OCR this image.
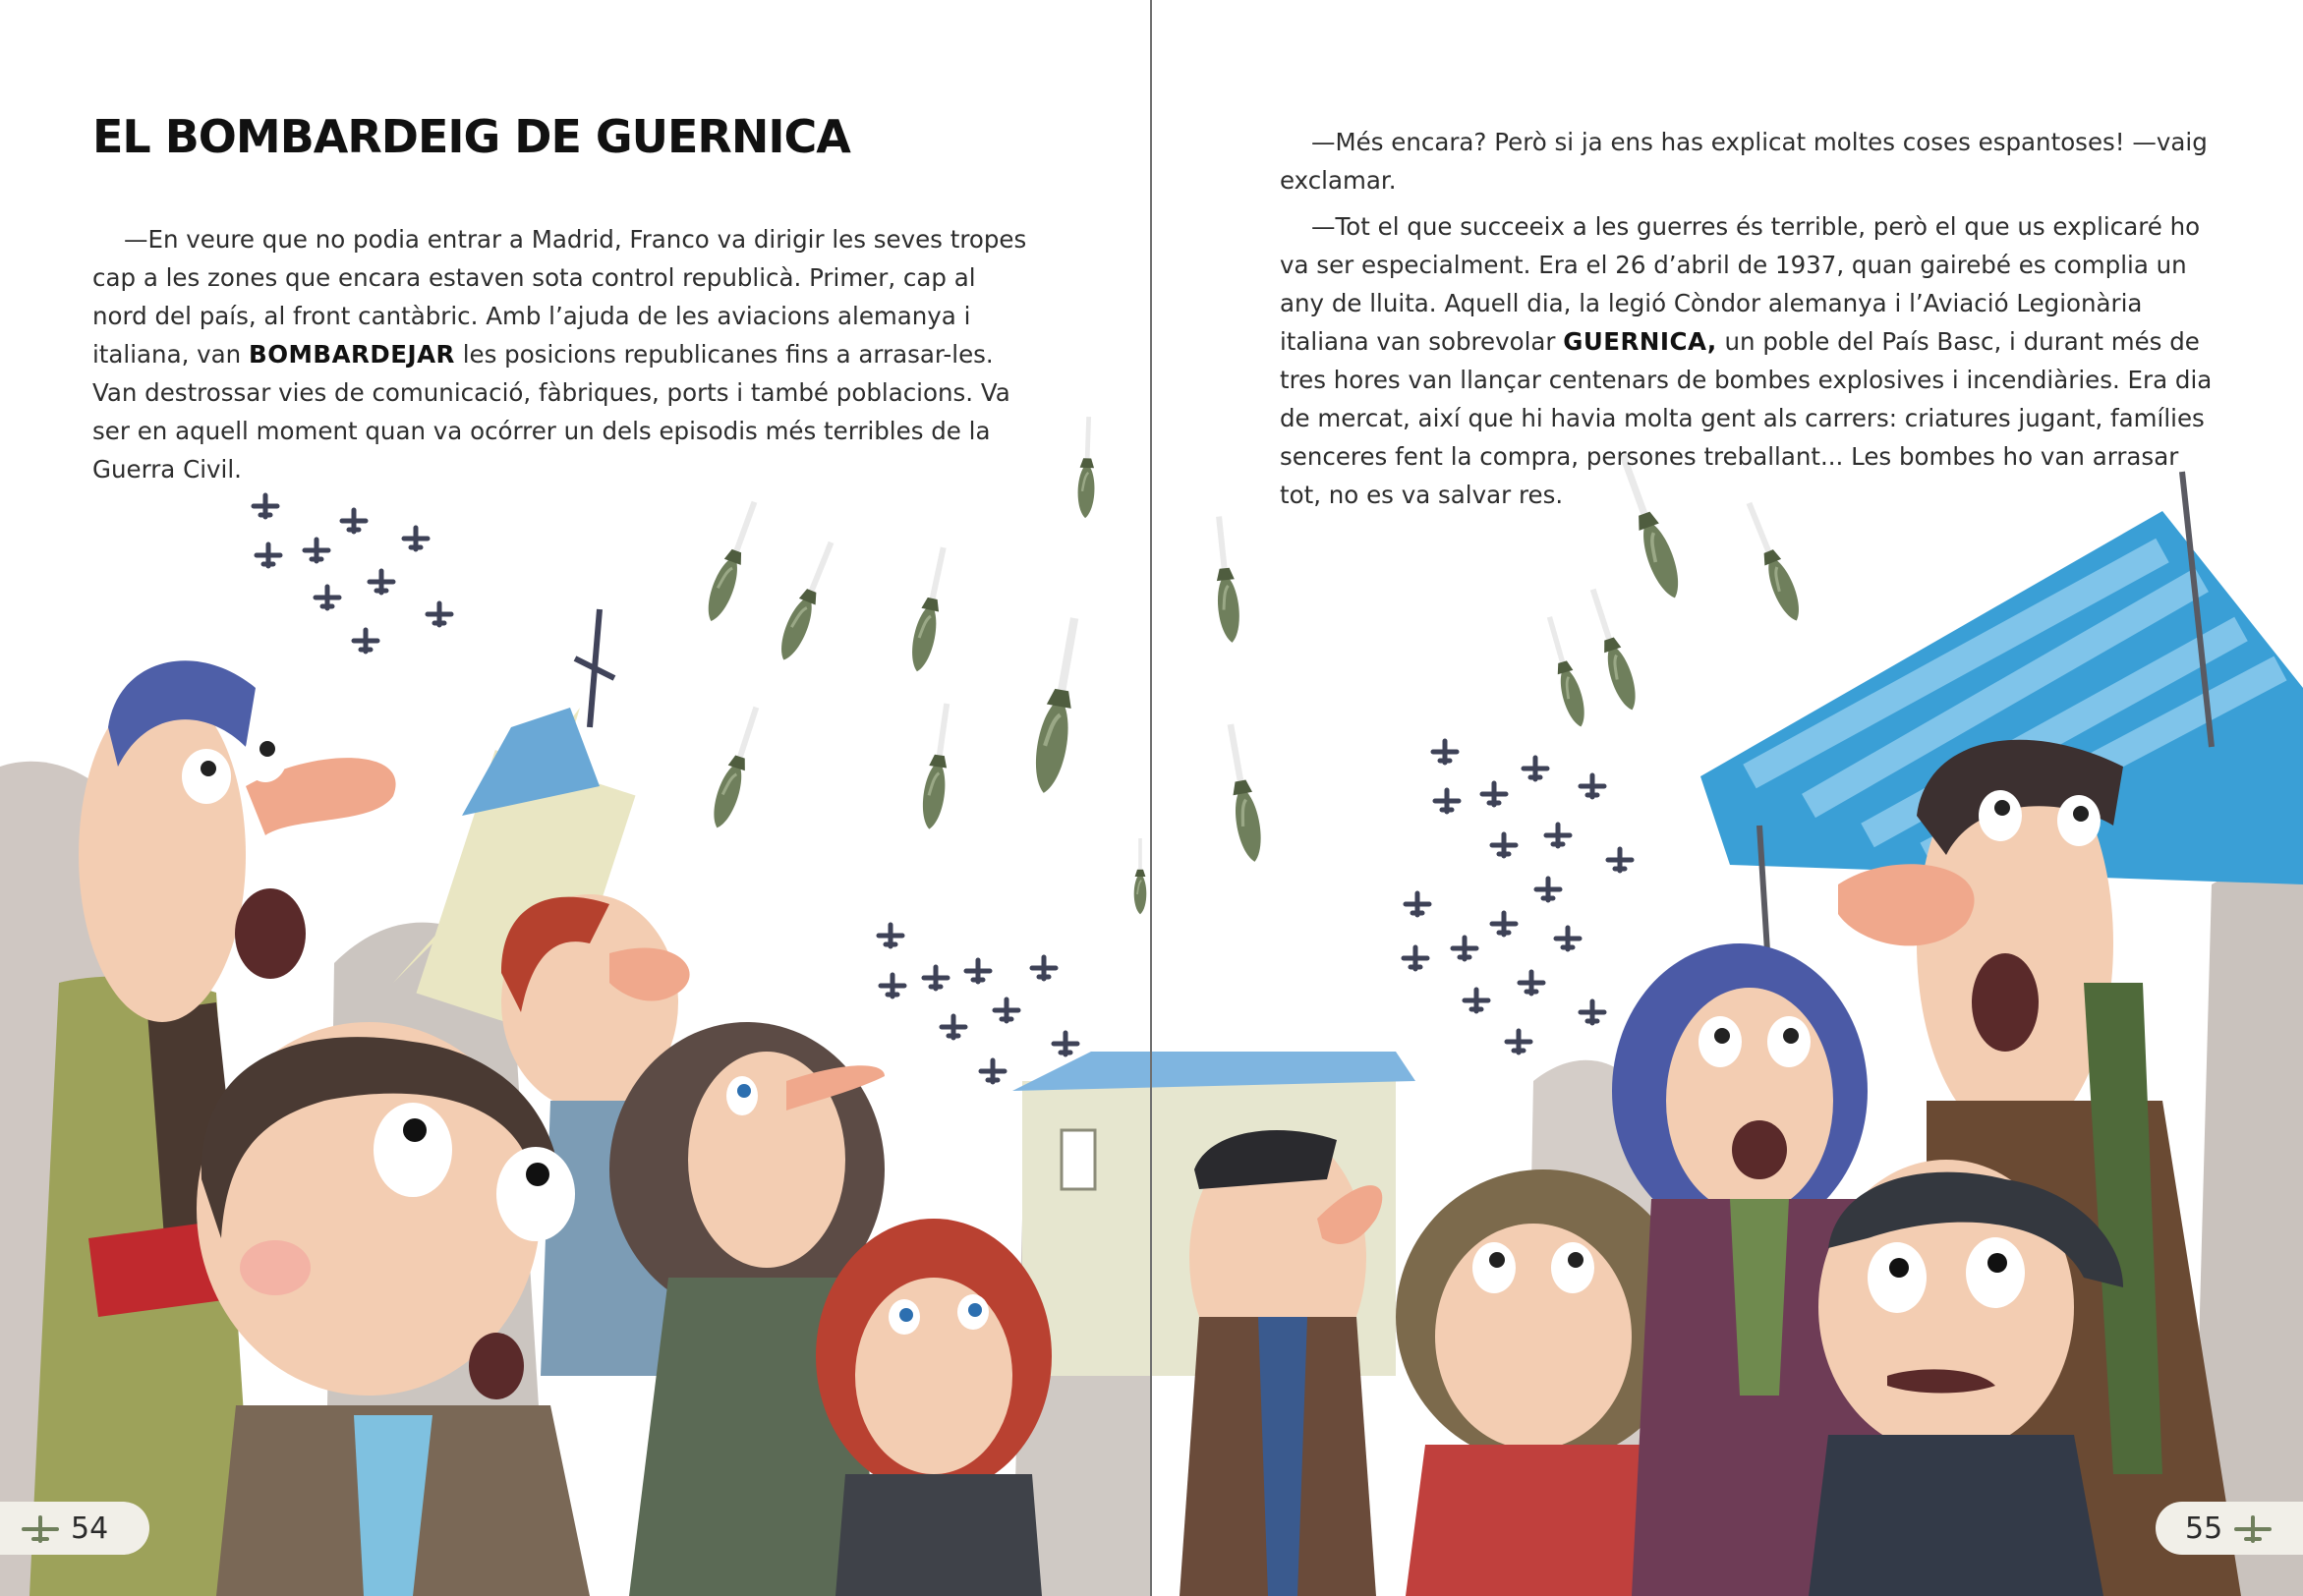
EL BOMBARDEIG DE GUERNICA

—En veure que no podia entrar a Madrid, Franco va dirigir les seves tropes cap a les zones que encara estaven sota control republicà. Primer, cap al nord del país, al front cantàbric. Amb l’ajuda de les aviacions alemanya i italiana, van BOMBARDEJAR les posicions republicanes fins a arrasar-les. Van destrossar vies de comunicació, fàbriques, ports i també poblacions. Va ser en aquell moment quan va ocórrer un dels episodis més terribles de la Guerra Civil.

—Més encara? Però si ja ens has explicat moltes coses espantoses! —vaig exclamar.

—Tot el que succeeix a les guerres és terrible, però el que us explicaré ho va ser especialment. Era el 26 d’abril de 1937, quan gairebé es complia un any de lluita. Aquell dia, la legió Còndor alemanya i l’Aviació Legionària italiana van sobrevolar GUERNICA, un poble del País Basc, i durant més de tres hores van llançar centenars de bombes explosives i incendiàries. Era dia de mercat, així que hi havia molta gent als carrers: criatures jugant, famílies senceres fent la compra, persones treballant... Les bombes ho van arrasar tot, no es va salvar res.

54	55
